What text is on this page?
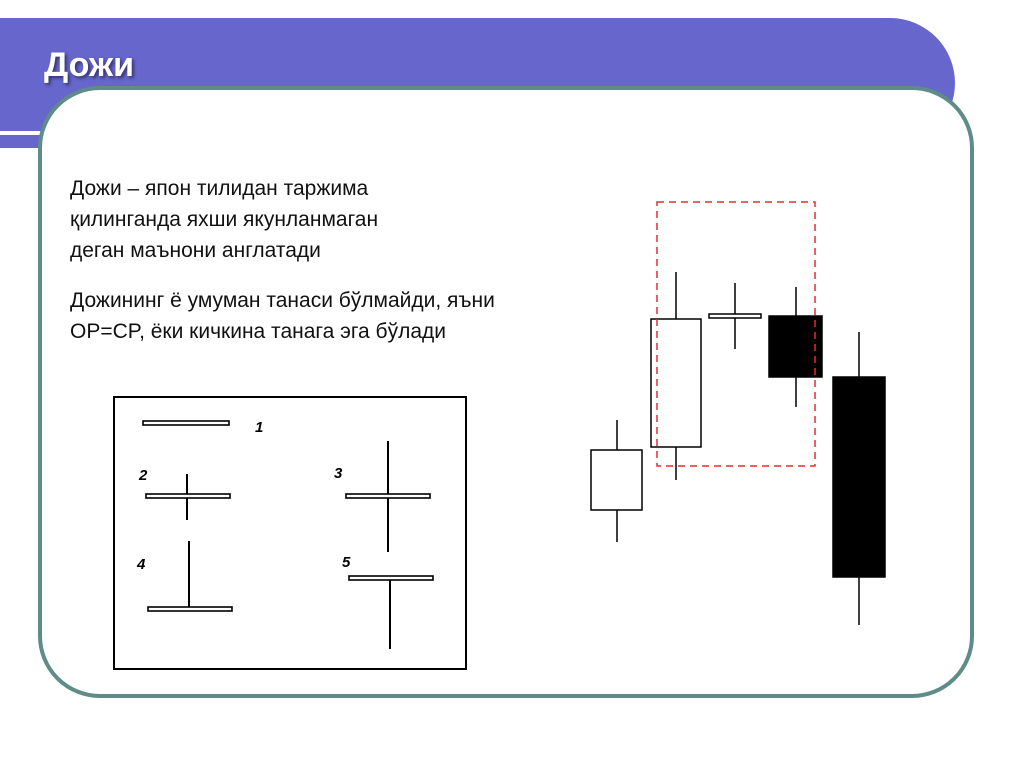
Дожи

Дожи – япон тилидан таржима
қилинганда яхши якунланмаган
деган маънони англатади

Дожининг ё умуман танаси бўлмайди, яъни
OP=CP, ёки кичкина танага эга бўлади

1
2	3
4	5
